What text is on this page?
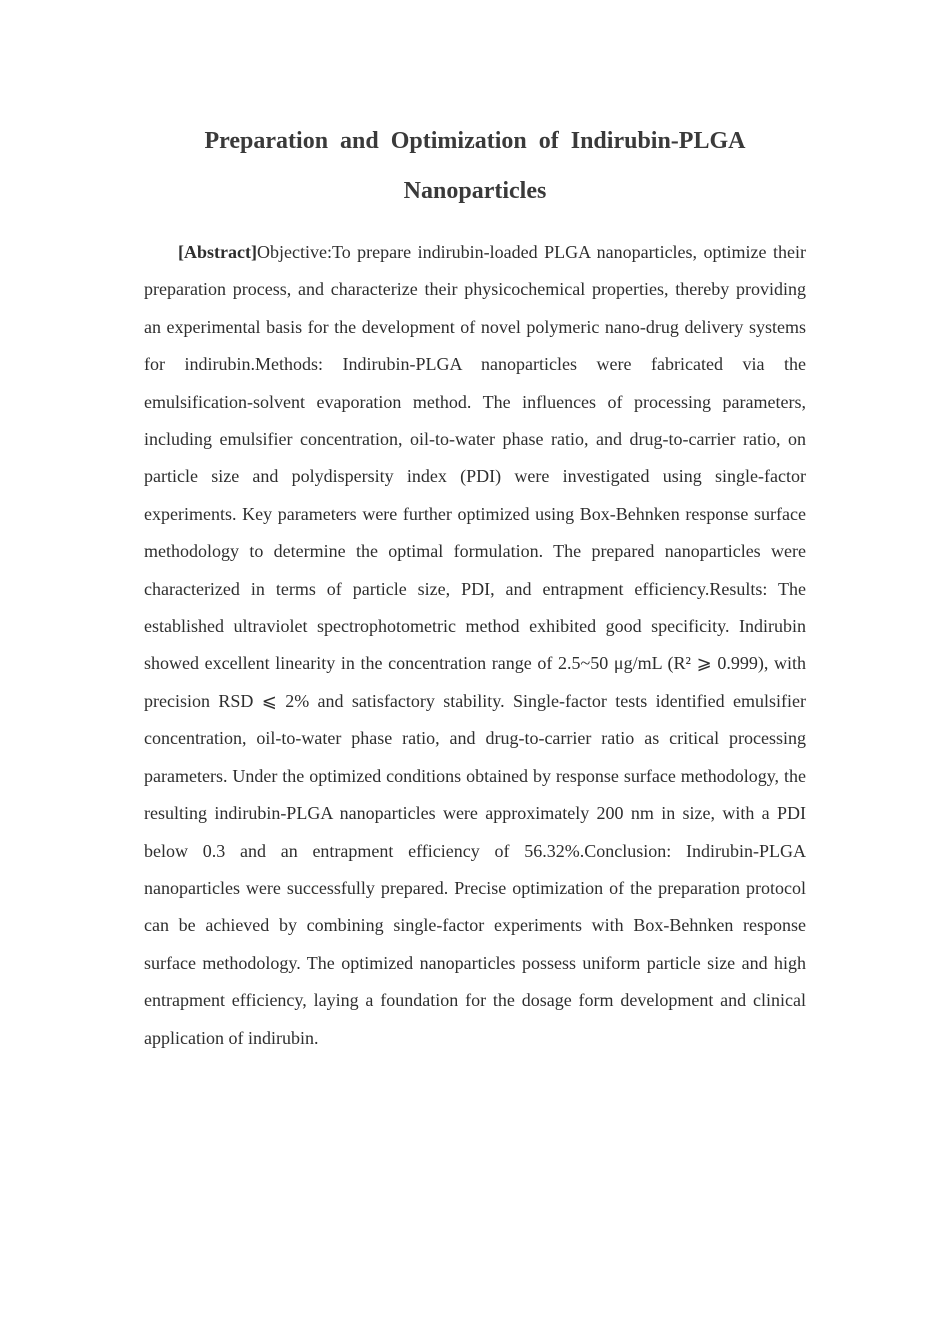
Preparation and Optimization of Indirubin-PLGA
Nanoparticles

[Abstract]Objective:To prepare indirubin-loaded PLGA nanoparticles, optimize their preparation process, and characterize their physicochemical properties, thereby providing an experimental basis for the development of novel polymeric nano-drug delivery systems for indirubin.Methods: Indirubin-PLGA nanoparticles were fabricated via the emulsification-solvent evaporation method. The influences of processing parameters, including emulsifier concentration, oil-to-water phase ratio, and drug-to-carrier ratio, on particle size and polydispersity index (PDI) were investigated using single-factor experiments. Key parameters were further optimized using Box-Behnken response surface methodology to determine the optimal formulation. The prepared nanoparticles were characterized in terms of particle size, PDI, and entrapment efficiency.Results: The established ultraviolet spectrophotometric method exhibited good specificity. Indirubin showed excellent linearity in the concentration range of 2.5~50 μg/mL (R² ⩾ 0.999), with precision RSD ⩽ 2% and satisfactory stability. Single-factor tests identified emulsifier concentration, oil-to-water phase ratio, and drug-to-carrier ratio as critical processing parameters. Under the optimized conditions obtained by response surface methodology, the resulting indirubin-PLGA nanoparticles were approximately 200 nm in size, with a PDI below 0.3 and an entrapment efficiency of 56.32%.Conclusion: Indirubin-PLGA nanoparticles were successfully prepared. Precise optimization of the preparation protocol can be achieved by combining single-factor experiments with Box-Behnken response surface methodology. The optimized nanoparticles possess uniform particle size and high entrapment efficiency, laying a foundation for the dosage form development and clinical application of indirubin.
